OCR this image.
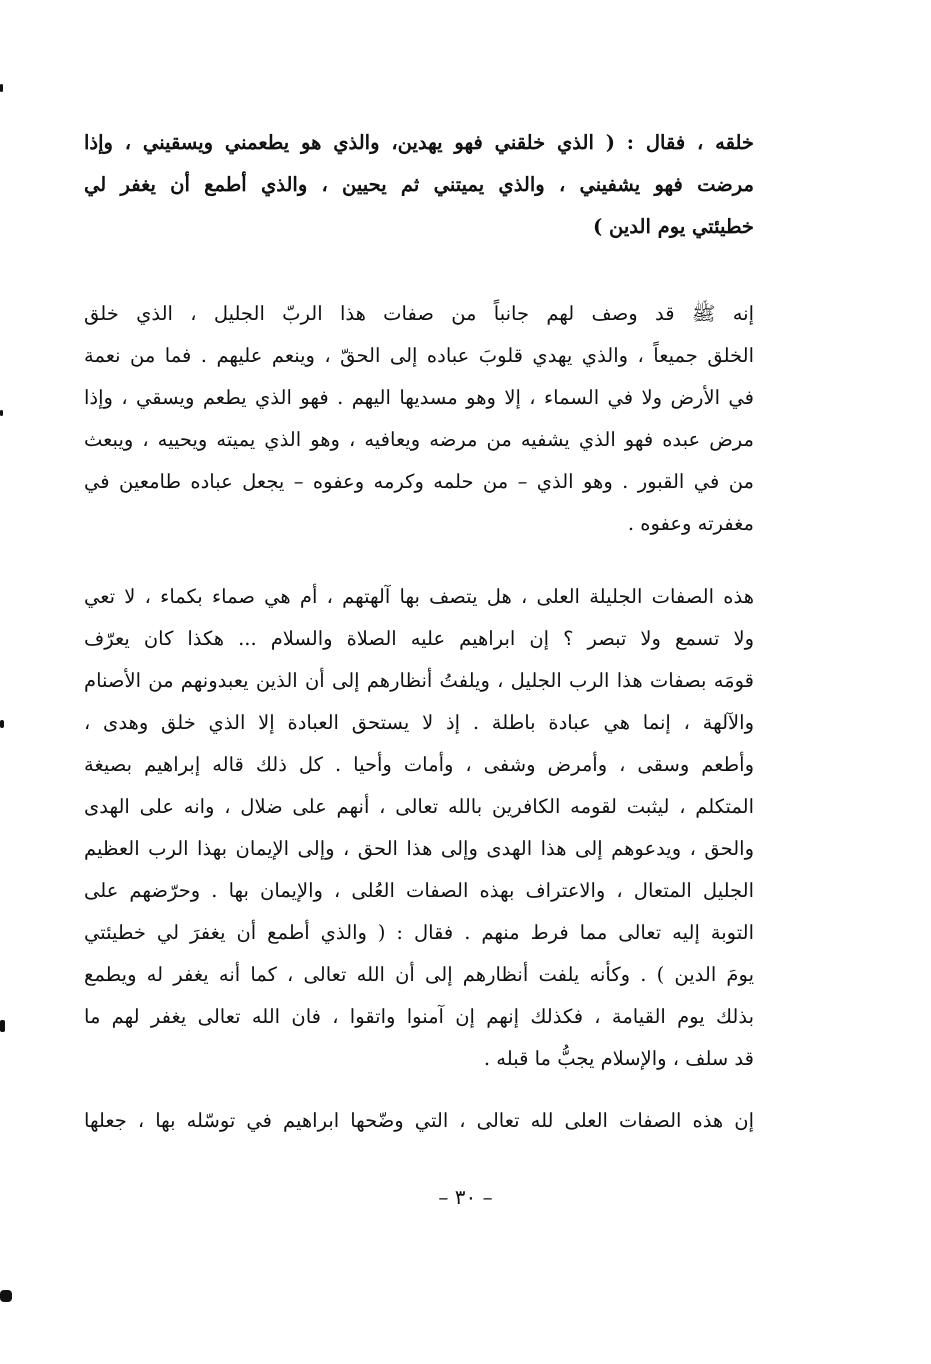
خلقه ، فقال : ( الذي خلقني فهو يهدين، والذي هو يطعمني ويسقيني ، وإذا
مرضت فهو يشفيني ، والذي يميتني ثم يحيين ، والذي أطمع أن يغفر لي
خطيئتي يوم الدين )
إنه ﷺ قد وصف لهم جانباً من صفات هذا الربّ الجليل ، الذي خلق
الخلق جميعاً ، والذي يهدي قلوبَ عباده إلى الحقّ ، وينعم عليهم . فما من نعمة
في الأرض ولا في السماء ، إلا وهو مسديها اليهم . فهو الذي يطعم ويسقي ، وإذا
مرض عبده فهو الذي يشفيه من مرضه ويعافيه ، وهو الذي يميته ويحييه ، ويبعث
من في القبور . وهو الذي – من حلمه وكرمه وعفوه – يجعل عباده طامعين في
مغفرته وعفوه .
هذه الصفات الجليلة العلى ، هل يتصف بها آلهتهم ، أم هي صماء بكماء ، لا تعي
ولا تسمع ولا تبصر ؟ إن ابراهيم عليه الصلاة والسلام ... هكذا كان يعرّف
قومَه بصفات هذا الرب الجليل ، ويلفتُ أنظارهم إلى أن الذين يعبدونهم من الأصنام
والآلهة ، إنما هي عبادة باطلة . إذ لا يستحق العبادة إلا الذي خلق وهدى ،
وأطعم وسقى ، وأمرض وشفى ، وأمات وأحيا . كل ذلك قاله إبراهيم بصيغة
المتكلم ، ليثبت لقومه الكافرين بالله تعالى ، أنهم على ضلال ، وانه على الهدى
والحق ، ويدعوهم إلى هذا الهدى وإلى هذا الحق ، وإلى الإيمان بهذا الرب العظيم
الجليل المتعال ، والاعتراف بهذه الصفات العُلى ، والإيمان بها . وحرّضهم على
التوبة إليه تعالى مما فرط منهم . فقال : ( والذي أطمع أن يغفرَ لي خطيئتي
يومَ الدين ) . وكأنه يلفت أنظارهم إلى أن الله تعالى ، كما أنه يغفر له ويطمع
بذلك يوم القيامة ، فكذلك إنهم إن آمنوا واتقوا ، فان الله تعالى يغفر لهم ما
قد سلف ، والإسلام يجبُّ ما قبله .
إن هذه الصفات العلى لله تعالى ، التي وضّحها ابراهيم في توسّله بها ، جعلها
– ٣٠ –
